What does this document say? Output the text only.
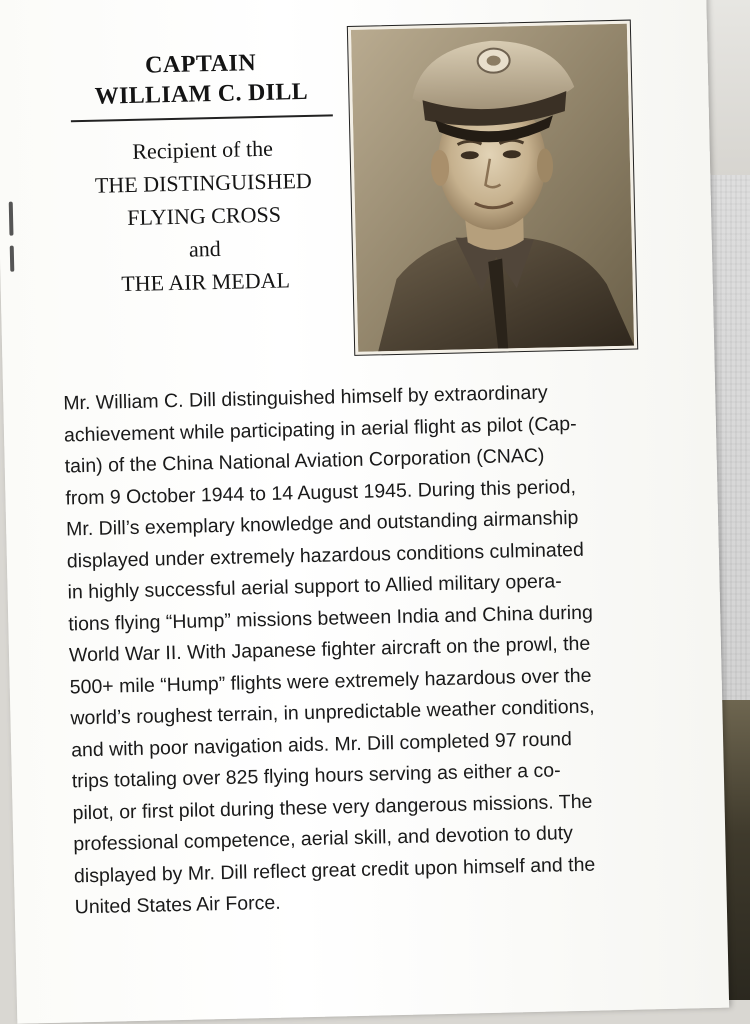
CAPTAIN
WILLIAM C. DILL
Recipient of the
THE DISTINGUISHED
FLYING CROSS
and
THE AIR MEDAL
Mr. William C. Dill distinguished himself by extraordinary
achievement while participating in aerial flight as pilot (Cap-
tain) of the China National Aviation Corporation (CNAC)
from 9 October 1944 to 14 August 1945. During this period,
Mr. Dill’s exemplary knowledge and outstanding airmanship
displayed under extremely hazardous conditions culminated
in highly successful aerial support to Allied military opera-
tions flying “Hump” missions between India and China during
World War II. With Japanese fighter aircraft on the prowl, the
500+ mile “Hump” flights were extremely hazardous over the
world’s roughest terrain, in unpredictable weather conditions,
and with poor navigation aids. Mr. Dill completed 97 round
trips totaling over 825 flying hours serving as either a co-
pilot, or first pilot during these very dangerous missions. The
professional competence, aerial skill, and devotion to duty
displayed by Mr. Dill reflect great credit upon himself and the
United States Air Force.
